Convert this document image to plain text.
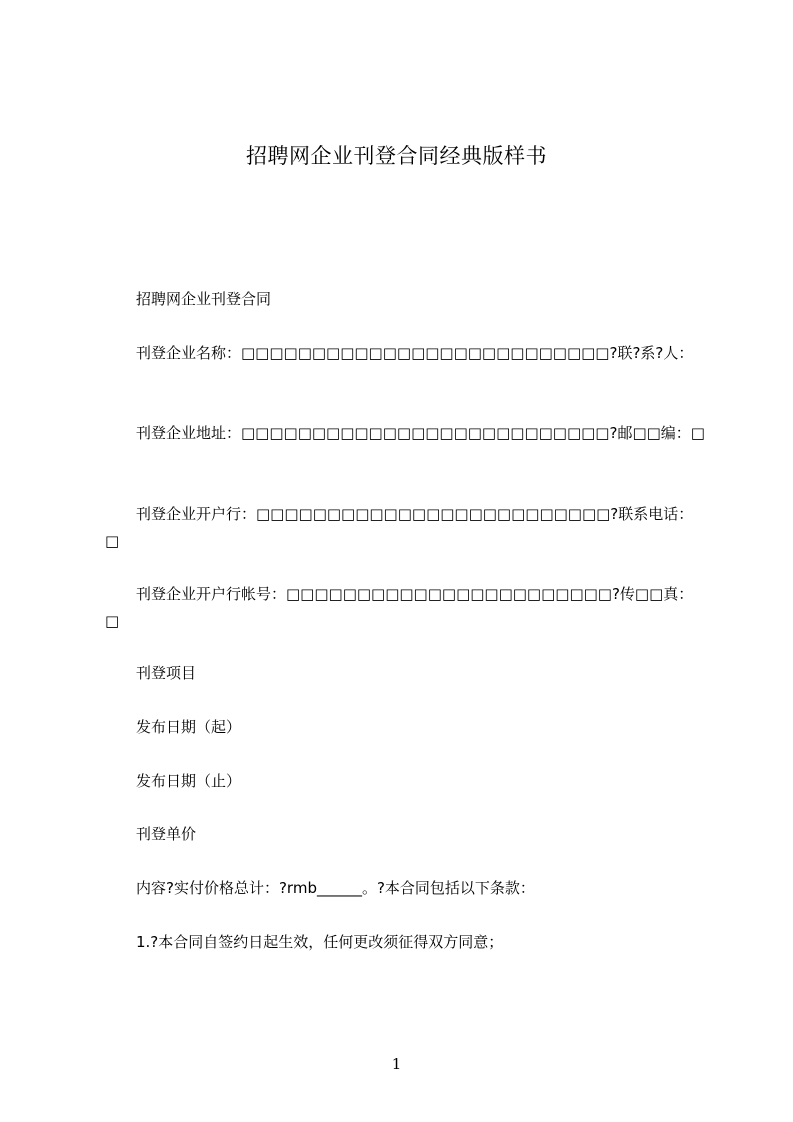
招聘网企业刊登合同经典版样书
招聘网企业刊登合同
刊登企业名称：□□□□□□□□□□□□□□□□□□□□□□□□□□?联?系?人：
刊登企业地址：□□□□□□□□□□□□□□□□□□□□□□□□□□?邮□□编：□
刊登企业开户行：□□□□□□□□□□□□□□□□□□□□□□□□□?联系电话：□
刊登企业开户行帐号：□□□□□□□□□□□□□□□□□□□□□□□?传□□真：□
刊登项目
发布日期（起）
发布日期（止）
刊登单价
内容?实付价格总计：?rmb______。?本合同包括以下条款：
1.?本合同自签约日起生效，任何更改须征得双方同意；
1
